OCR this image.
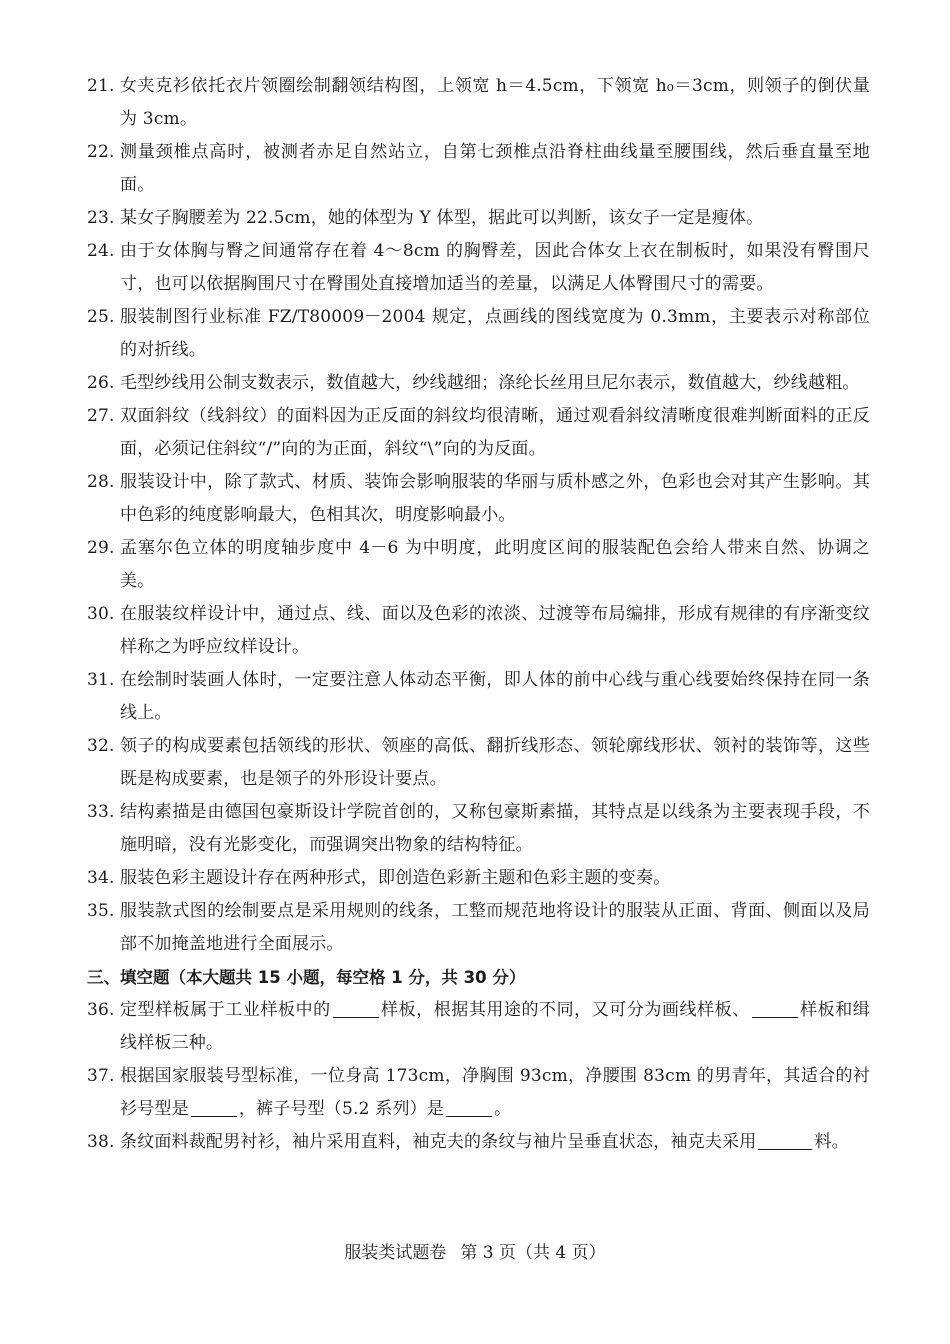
21. 女夹克衫依托衣片领圈绘制翻领结构图，上领宽 h＝4.5cm，下领宽 h₀＝3cm，则领子的倒伏量为 3cm。
22. 测量颈椎点高时，被测者赤足自然站立，自第七颈椎点沿脊柱曲线量至腰围线，然后垂直量至地面。
23. 某女子胸腰差为 22.5cm，她的体型为 Y 体型，据此可以判断，该女子一定是瘦体。
24. 由于女体胸与臀之间通常存在着 4～8cm 的胸臀差，因此合体女上衣在制板时，如果没有臀围尺寸，也可以依据胸围尺寸在臀围处直接增加适当的差量，以满足人体臀围尺寸的需要。
25. 服装制图行业标准 FZ/T80009－2004 规定，点画线的图线宽度为 0.3mm，主要表示对称部位的对折线。
26. 毛型纱线用公制支数表示，数值越大，纱线越细；涤纶长丝用旦尼尔表示，数值越大，纱线越粗。
27. 双面斜纹（线斜纹）的面料因为正反面的斜纹均很清晰，通过观看斜纹清晰度很难判断面料的正反面，必须记住斜纹“/”向的为正面，斜纹“\”向的为反面。
28. 服装设计中，除了款式、材质、装饰会影响服装的华丽与质朴感之外，色彩也会对其产生影响。其中色彩的纯度影响最大，色相其次，明度影响最小。
29. 孟塞尔色立体的明度轴步度中 4－6 为中明度，此明度区间的服装配色会给人带来自然、协调之美。
30. 在服装纹样设计中，通过点、线、面以及色彩的浓淡、过渡等布局编排，形成有规律的有序渐变纹样称之为呼应纹样设计。
31. 在绘制时装画人体时，一定要注意人体动态平衡，即人体的前中心线与重心线要始终保持在同一条线上。
32. 领子的构成要素包括领线的形状、领座的高低、翻折线形态、领轮廓线形状、领衬的装饰等，这些既是构成要素，也是领子的外形设计要点。
33. 结构素描是由德国包豪斯设计学院首创的，又称包豪斯素描，其特点是以线条为主要表现手段，不施明暗，没有光影变化，而强调突出物象的结构特征。
34. 服装色彩主题设计存在两种形式，即创造色彩新主题和色彩主题的变奏。
35. 服装款式图的绘制要点是采用规则的线条，工整而规范地将设计的服装从正面、背面、侧面以及局部不加掩盖地进行全面展示。
三、填空题（本大题共 15 小题，每空格 1 分，共 30 分）
36. 定型样板属于工业样板中的	样板，根据其用途的不同，又可分为画线样板、	样板和缉线样板三种。
37. 根据国家服装号型标准，一位身高 173cm，净胸围 93cm，净腰围 83cm 的男青年，其适合的衬衫号型是	，裤子号型（5.2 系列）是	。
38. 条纹面料裁配男衬衫，袖片采用直料，袖克夫的条纹与袖片呈垂直状态，袖克夫采用	料。
服装类试题卷 第 3 页（共 4 页）
